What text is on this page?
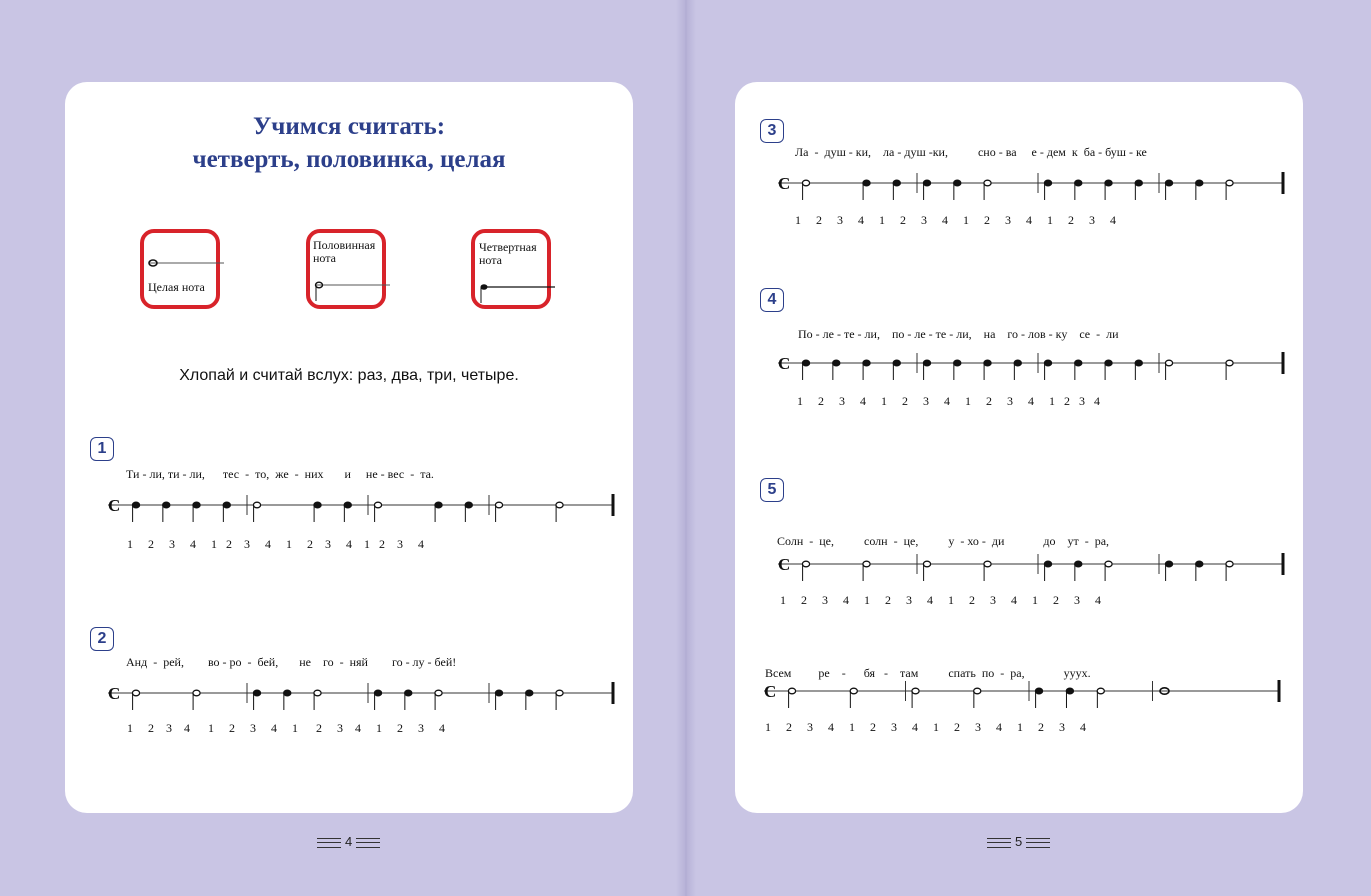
Учимся считать:
четверть, половинка, целая
Целая нота
Половинная нота
Четвертная нота
Хлопай и считай вслух: раз, два, три, четыре.
1
Ти - ли, ти - ли,      тес  -  то,  же  -  них       и     не - вес  -  та.
C
1     2     3     4     1   2    3     4     1     2    3     4    1   2    3     4
2
Анд  -  рей,        во - ро  -  бей,       не    го  -  няй        го - лу - бей!
C
1     2    3    4      1     2     3     4     1      2     3    4     1     2     3     4
4
3
Ла  -  душ - ки,    ла - душ -ки,          сно - ва     е - дем  к  ба - буш - ке
C
1     2     3     4     1     2     3     4     1     2     3     4     1     2     3     4
4
По - ле - те - ли,    по - ле - те - ли,    на    го - лов - ку    се  -  ли
C
1     2     3     4     1     2     3     4     1     2     3     4     1   2   3   4
5
Солн  -  це,          солн  -  це,          у  - хо -  ди             до    ут  -  ра,
C
1     2     3     4     1     2     3     4     1     2     3     4     1     2     3     4
Всем         ре    -      бя   -    там          спать  по  -  ра,             уууx.
C
1     2     3     4     1     2     3     4     1     2     3     4     1     2     3     4
5
